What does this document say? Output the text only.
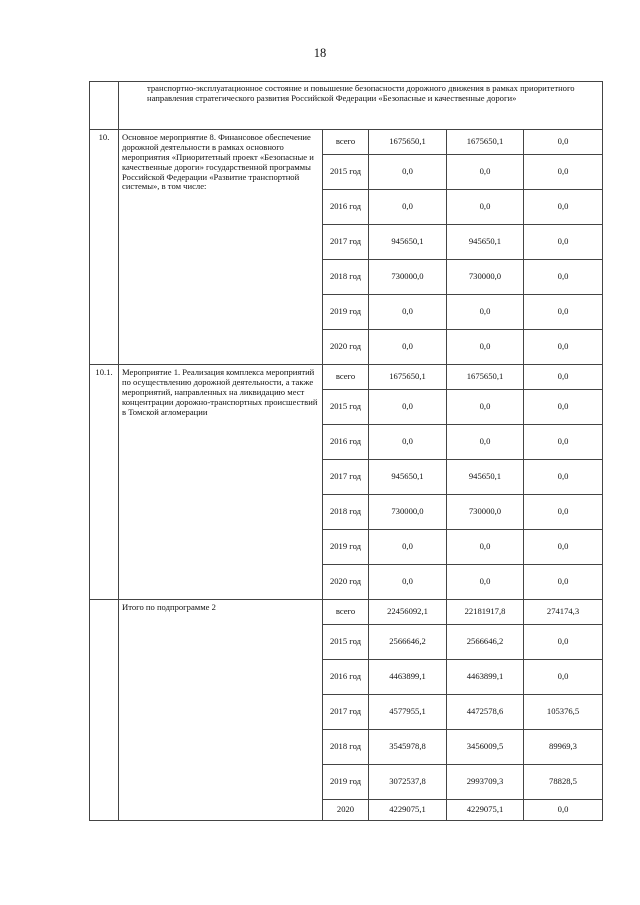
18
	транспортно-эксплуатационное состояние и повышение безопасности дорожного движения в рамках приоритетного направления стратегического развития Российской Федерации «Безопасные и качественные дороги»				
10.	Основное мероприятие 8. Финансовое обеспечение дорожной деятельности в рамках основного мероприятия «Приоритетный проект «Безопасные и качественные дороги» государственной программы Российской Федерации «Развитие транспортной системы», в том числе:	всего	1675650,1	1675650,1	0,0
		2015 год	0,0	0,0	0,0
		2016 год	0,0	0,0	0,0
		2017 год	945650,1	945650,1	0,0
		2018 год	730000,0	730000,0	0,0
		2019 год	0,0	0,0	0,0
		2020 год	0,0	0,0	0,0
10.1.	Мероприятие 1. Реализация комплекса мероприятий по осуществлению дорожной деятельности, а также мероприятий, направленных на ликвидацию мест концентрации дорожно-транспортных происшествий в Томской агломерации	всего	1675650,1	1675650,1	0,0
		2015 год	0,0	0,0	0,0
		2016 год	0,0	0,0	0,0
		2017 год	945650,1	945650,1	0,0
		2018 год	730000,0	730000,0	0,0
		2019 год	0,0	0,0	0,0
		2020 год	0,0	0,0	0,0
	Итого по подпрограмме 2	всего	22456092,1	22181917,8	274174,3
		2015 год	2566646,2	2566646,2	0,0
		2016 год	4463899,1	4463899,1	0,0
		2017 год	4577955,1	4472578,6	105376,5
		2018 год	3545978,8	3456009,5	89969,3
		2019 год	3072537,8	2993709,3	78828,5
		2020	4229075,1	4229075,1	0,0
